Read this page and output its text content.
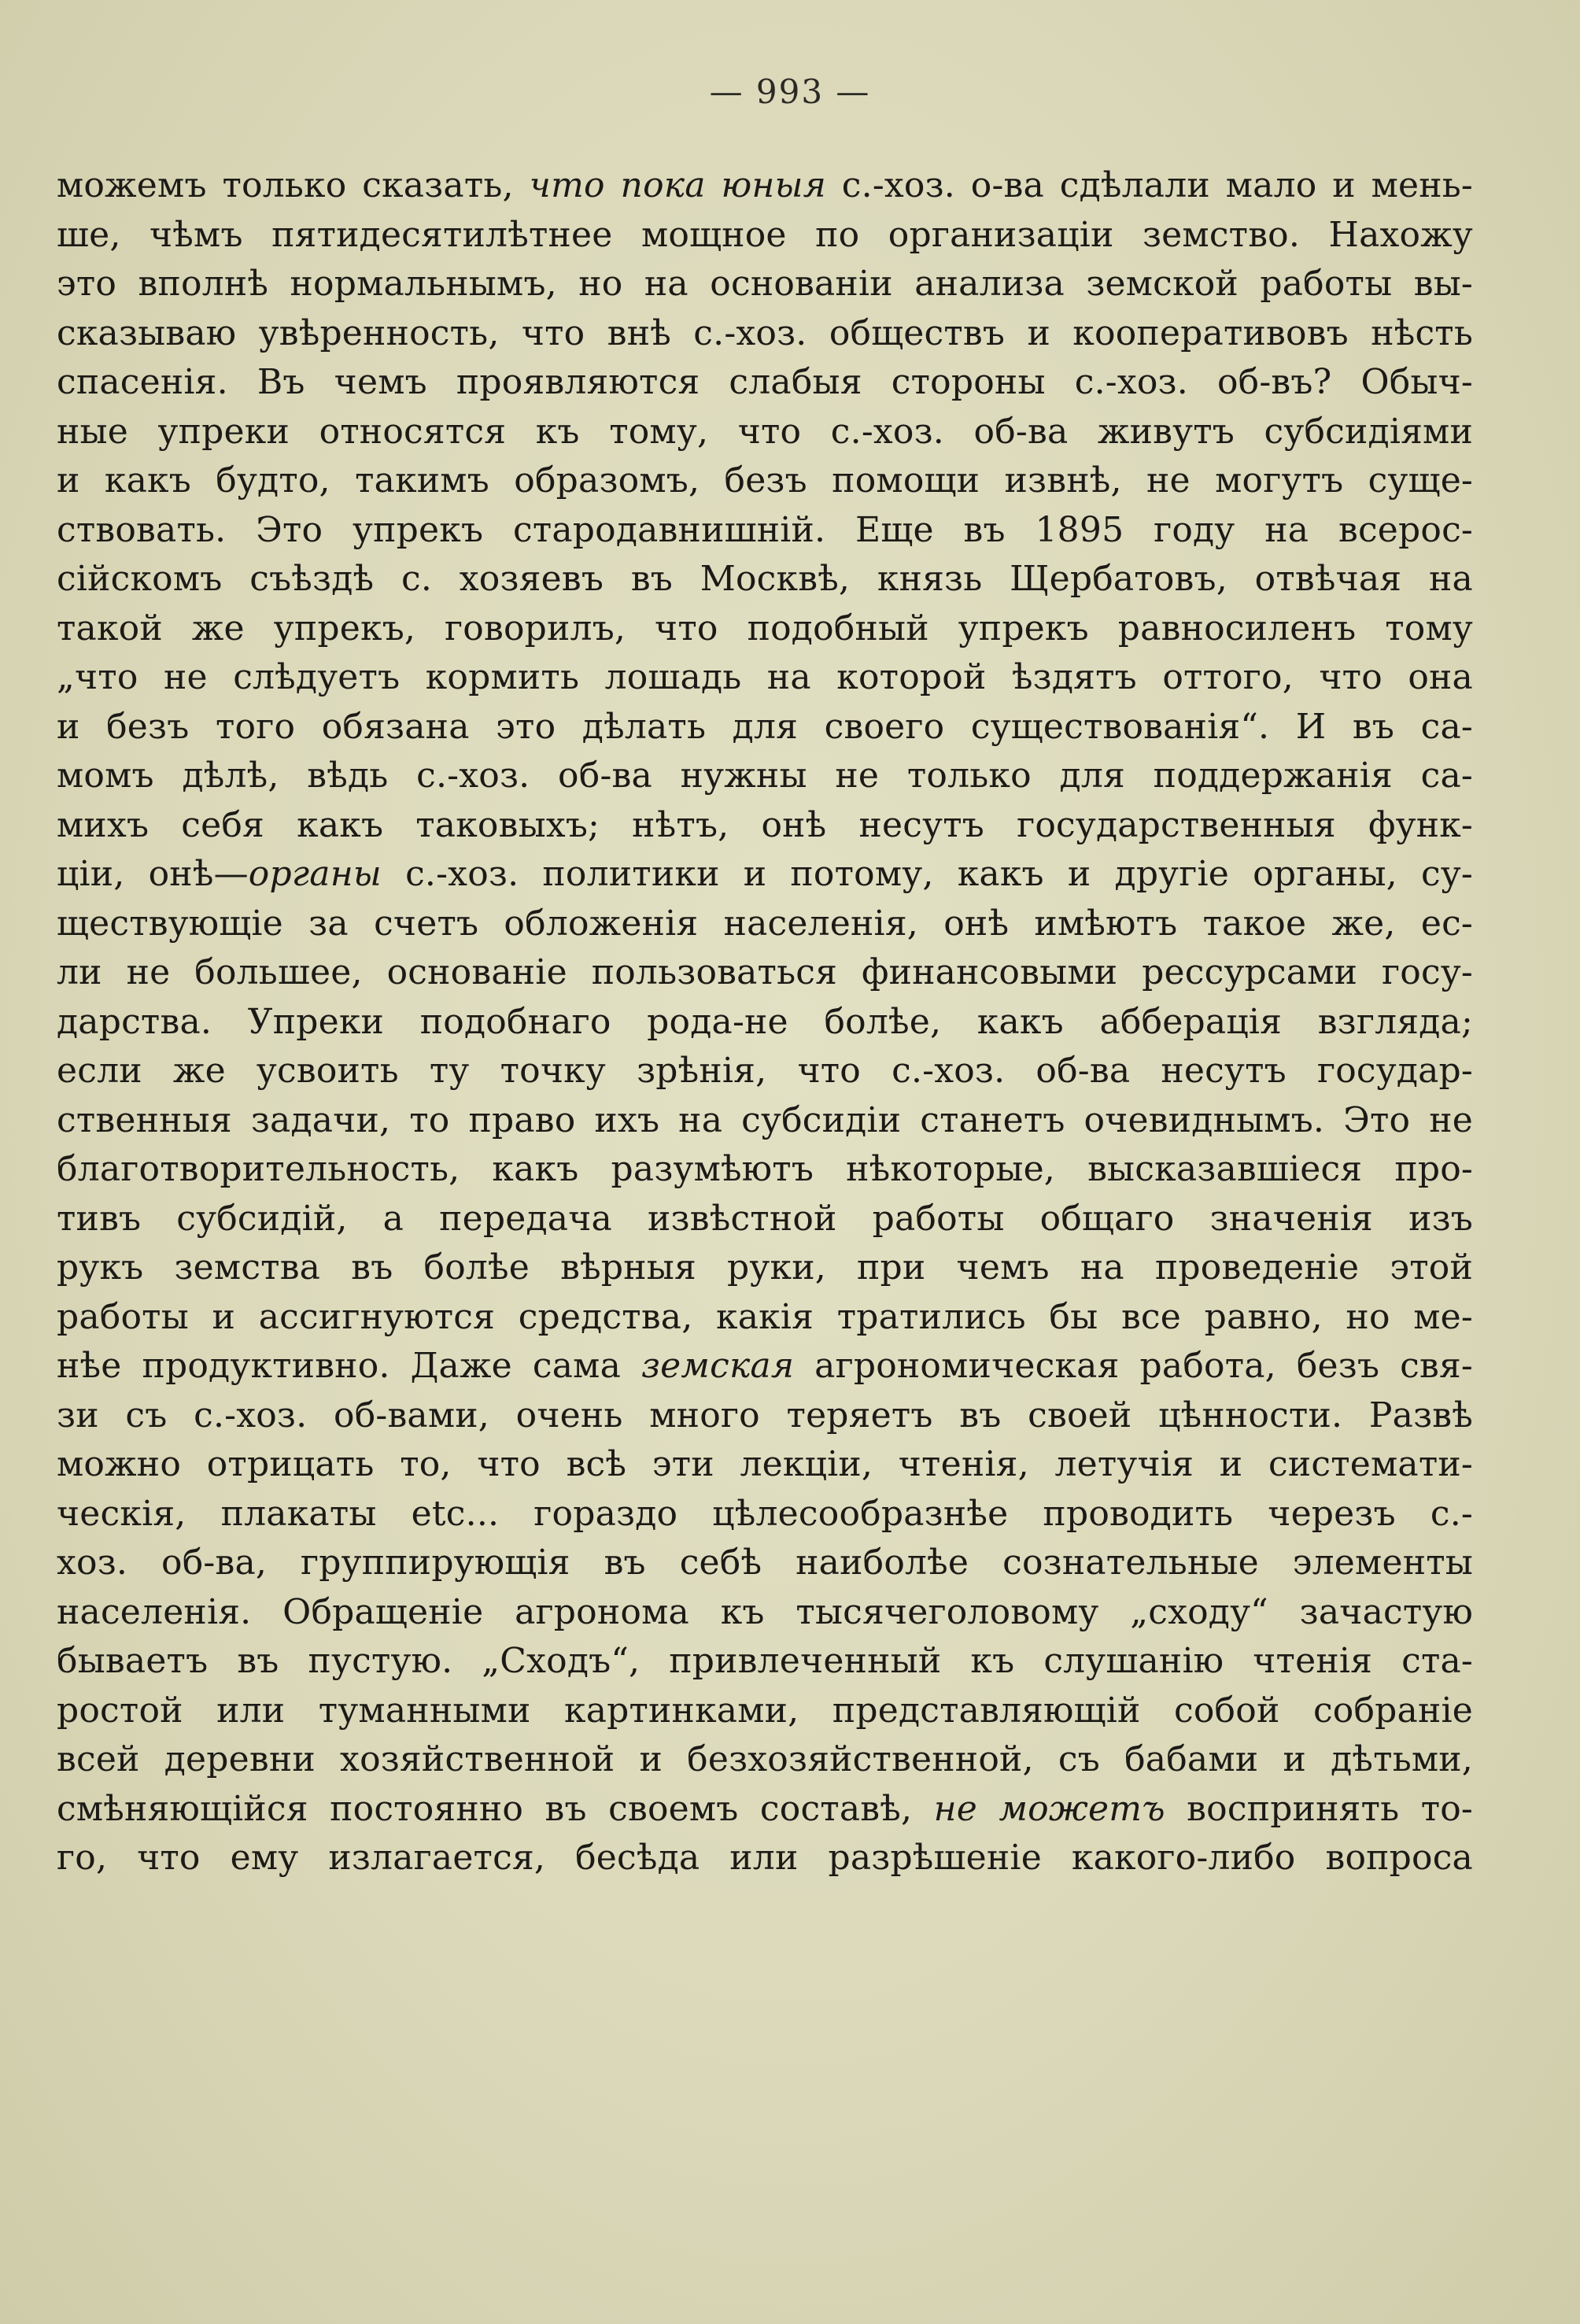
— 993 —
можемъ только сказать, что пока юныя с.-хоз. о-ва сдѣлали мало и мень-
ше, чѣмъ пятидесятилѣтнее мощное по организаціи земство. Нахожу
это вполнѣ нормальнымъ, но на основаніи анализа земской работы вы-
сказываю увѣренность, что внѣ с.-хоз. обществъ и кооперативовъ нѣсть
спасенія. Въ чемъ проявляются слабыя стороны с.-хоз. об-въ? Обыч-
ные упреки относятся къ тому, что с.-хоз. об-ва живутъ субсидіями
и какъ будто, такимъ образомъ, безъ помощи извнѣ, не могутъ суще-
ствовать. Это упрекъ стародавнишній. Еще въ 1895 году на всерос-
сійскомъ съѣздѣ с. хозяевъ въ Москвѣ, князь Щербатовъ, отвѣчая на
такой же упрекъ, говорилъ, что подобный упрекъ равносиленъ тому
„что не слѣдуетъ кормить лошадь на которой ѣздятъ оттого, что она
и безъ того обязана это дѣлать для своего существованія“. И въ са-
момъ дѣлѣ, вѣдь с.-хоз. об-ва нужны не только для поддержанія са-
михъ себя какъ таковыхъ; нѣтъ, онѣ несутъ государственныя функ-
ціи, онѣ—органы с.-хоз. политики и потому, какъ и другіе органы, су-
ществующіе за счетъ обложенія населенія, онѣ имѣютъ такое же, ес-
ли не большее, основаніе пользоваться финансовыми рессурсами госу-
дарства. Упреки подобнаго рода-не болѣе, какъ абберація взгляда;
если же усвоить ту точку зрѣнія, что с.-хоз. об-ва несутъ государ-
ственныя задачи, то право ихъ на субсидіи станетъ очевиднымъ. Это не
благотворительность, какъ разумѣютъ нѣкоторые, высказавшіеся про-
тивъ субсидій, а передача извѣстной работы общаго значенія изъ
рукъ земства въ болѣе вѣрныя руки, при чемъ на проведеніе этой
работы и ассигнуются средства, какія тратились бы все равно, но ме-
нѣе продуктивно. Даже сама земская агрономическая работа, безъ свя-
зи съ с.-хоз. об-вами, очень много теряетъ въ своей цѣнности. Развѣ
можно отрицать то, что всѣ эти лекціи, чтенія, летучія и системати-
ческія, плакаты etc... гораздо цѣлесообразнѣе проводить черезъ с.-
хоз. об-ва, группирующія въ себѣ наиболѣе сознательные элементы
населенія. Обращеніе агронома къ тысячеголовому „сходу“ зачастую
бываетъ въ пустую. „Сходъ“, привлеченный къ слушанію чтенія ста-
ростой или туманными картинками, представляющій собой собраніе
всей деревни хозяйственной и безхозяйственной, съ бабами и дѣтьми,
смѣняющійся постоянно въ своемъ составѣ, не можетъ воспринять то-
го, что ему излагается, бесѣда или разрѣшеніе какого-либо вопроса
